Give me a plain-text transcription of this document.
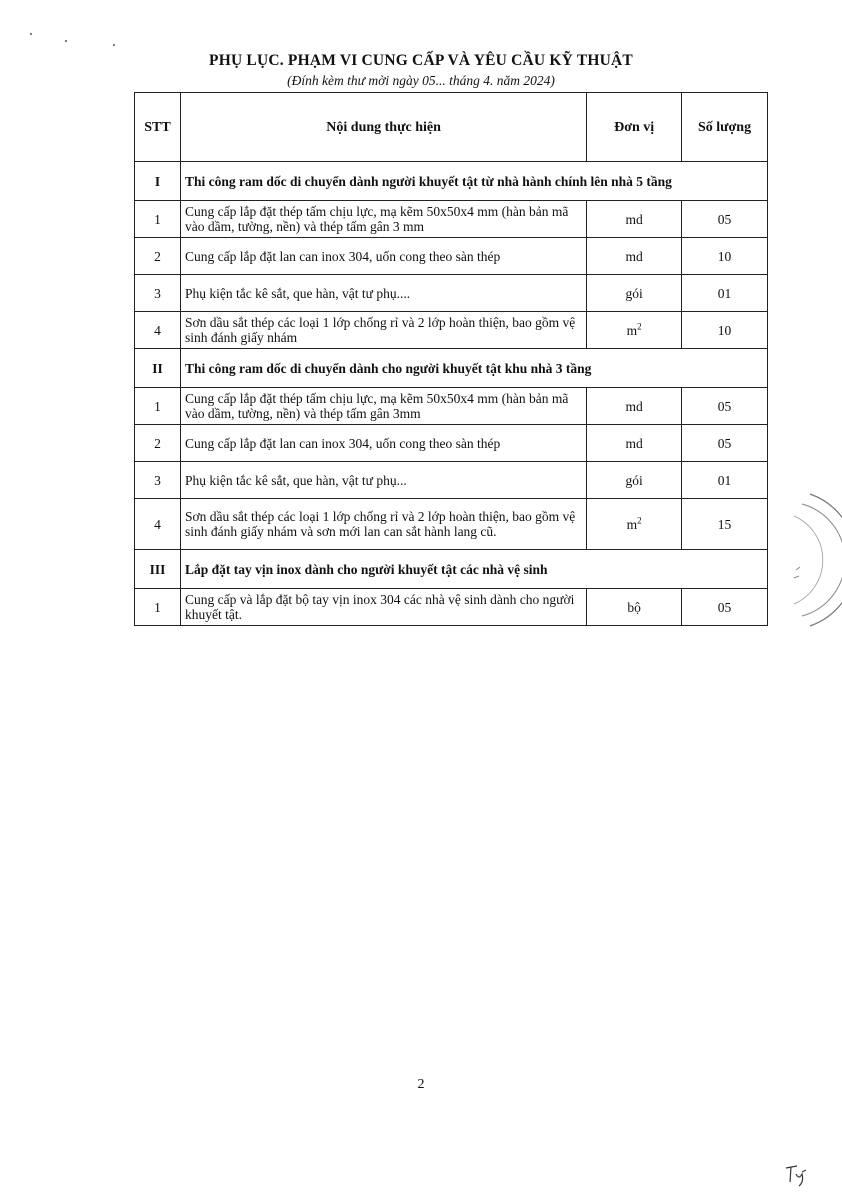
PHỤ LỤC. PHẠM VI CUNG CẤP VÀ YÊU CẦU KỸ THUẬT
(Đính kèm thư mời ngày 05... tháng 4. năm 2024)
STT	Nội dung thực hiện	Đơn vị	Số lượng
I	Thi công ram dốc di chuyển dành người khuyết tật từ nhà hành chính lên nhà 5 tầng		
1	Cung cấp lắp đặt thép tấm chịu lực, mạ kẽm 50x50x4 mm (hàn bản mã vào dầm, tường, nền) và thép tấm gân 3 mm	md	05
2	Cung cấp lắp đặt lan can inox 304, uốn cong theo sàn thép	md	10
3	Phụ kiện tắc kê sắt, que hàn, vật tư phụ....	gói	01
4	Sơn dầu sắt thép các loại 1 lớp chống rỉ và 2 lớp hoàn thiện, bao gồm vệ sinh đánh giấy nhám	$m^2$	10
II	Thi công ram dốc di chuyển dành cho người khuyết tật khu nhà 3 tầng		
1	Cung cấp lắp đặt thép tấm chịu lực, mạ kẽm 50x50x4 mm (hàn bản mã vào dầm, tường, nền) và thép tấm gân 3mm	md	05
2	Cung cấp lắp đặt lan can inox 304, uốn cong theo sàn thép	md	05
3	Phụ kiện tắc kê sắt, que hàn, vật tư phụ...	gói	01
4	Sơn dầu sắt thép các loại 1 lớp chống rỉ và 2 lớp hoàn thiện, bao gồm vệ sinh đánh giấy nhám và sơn mới lan can sắt hành lang cũ.	$m^2$	15
III	Lắp đặt tay vịn inox dành cho người khuyết tật các nhà vệ sinh		
1	Cung cấp và lắp đặt bộ tay vịn inox 304 các nhà vệ sinh dành cho người khuyết tật.	bộ	05
2
